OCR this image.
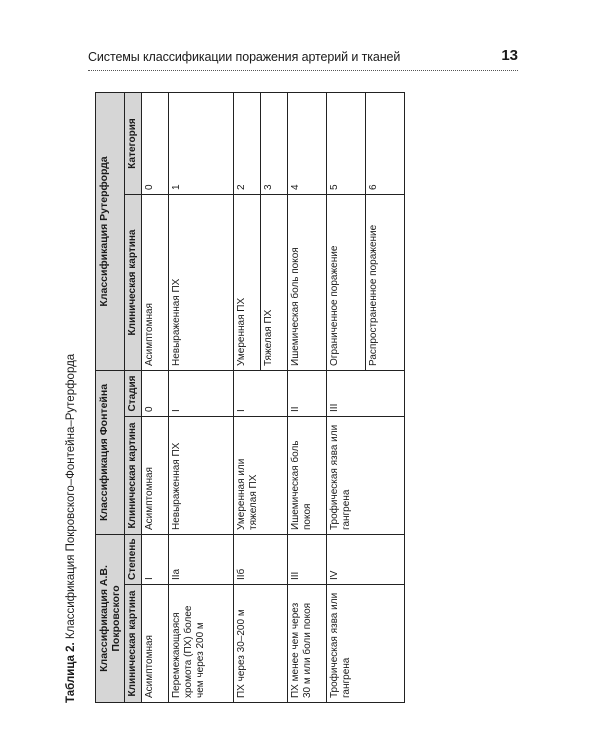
Системы классификации поражения артерий и тканей	13
Таблица 2. Классификация Покровского–Фонтейна–Рутерфорда	Классификация А.В. Покровского		Классификация Фонтейна		Классификация Рутерфорда	
Клиническая картина	Степень	Клиническая картина	Стадия	Клиническая картина	Категория
Асимптомная	I	Асимптомная	0	Асимптомная	0
Перемежающаяся хромота (ПХ) более чем через 200 м	IIа	Невыраженная ПХ	I	Невыраженная ПХ	1
ПХ через 30–200 м	IIб	Умеренная или тяжелая ПХ	I	Умеренная ПХ	2
				Тяжелая ПХ	3
ПХ менее чем через 30 м или боли покоя	III	Ишемическая боль покоя	II	Ишемическая боль покоя	4
Трофическая язва или гангрена	IV	Трофическая язва или гангрена	III	Ограниченное поражение	5
				Распространенное поражение	6
